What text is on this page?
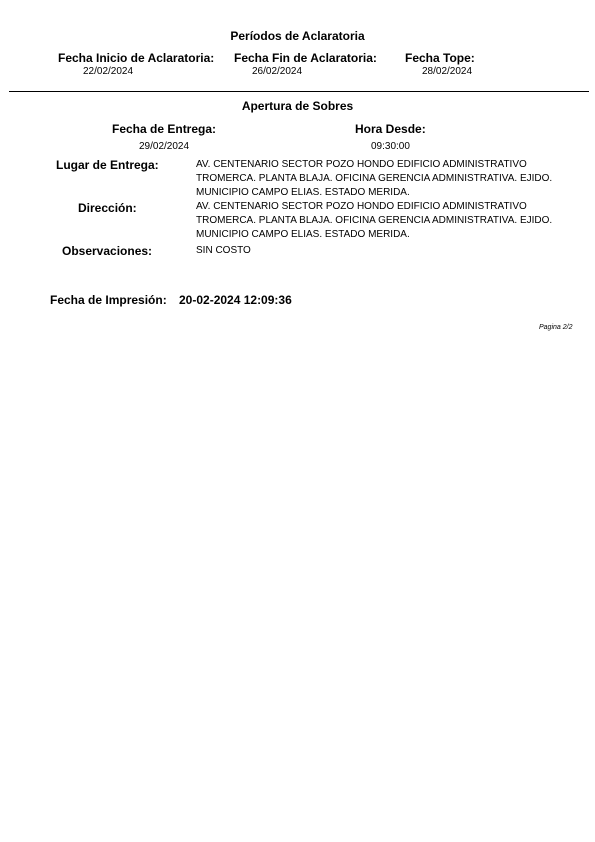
Períodos de Aclaratoria
Fecha Inicio de Aclaratoria:
22/02/2024
Fecha Fin de Aclaratoria:
26/02/2024
Fecha Tope:
28/02/2024
Apertura de Sobres
Fecha de Entrega:
29/02/2024
Hora Desde:
09:30:00
Lugar de Entrega:	AV. CENTENARIO SECTOR POZO HONDO EDIFICIO ADMINISTRATIVO
TROMERCA. PLANTA BLAJA. OFICINA GERENCIA ADMINISTRATIVA. EJIDO.
MUNICIPIO CAMPO ELIAS. ESTADO MERIDA.
Dirección:	AV. CENTENARIO SECTOR POZO HONDO EDIFICIO ADMINISTRATIVO
TROMERCA. PLANTA BLAJA. OFICINA GERENCIA ADMINISTRATIVA. EJIDO.
MUNICIPIO CAMPO ELIAS. ESTADO MERIDA.
Observaciones:	SIN COSTO
Fecha de Impresión: 20-02-2024 12:09:36
Pagina 2/2
